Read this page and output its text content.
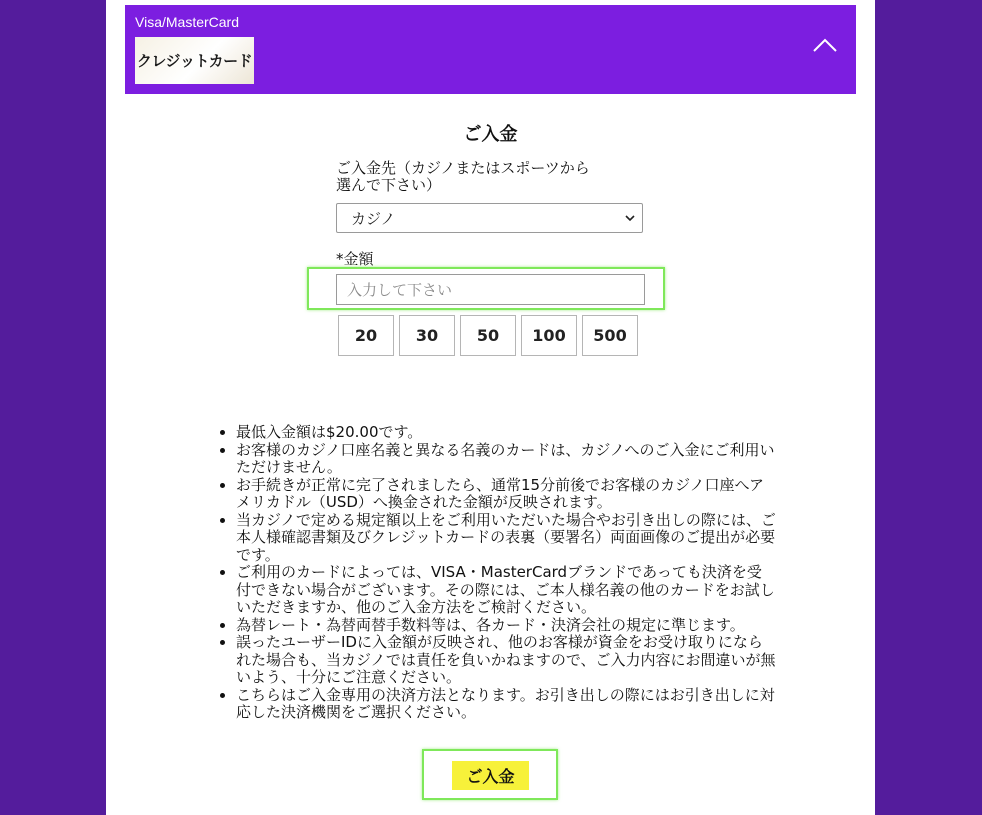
Visa/MasterCard
クレジットカード
ご入金
ご入金先（カジノまたはスポーツから選んで下さい）
カジノ
*金額
入力して下さい
20	30	50	100	500
• 最低入金額は$20.00です。
• お客様のカジノ口座名義と異なる名義のカードは、カジノへのご入金にご利用いただけません。
• お手続きが正常に完了されましたら、通常15分前後でお客様のカジノ口座へアメリカドル（USD）へ換金された金額が反映されます。
• 当カジノで定める規定額以上をご利用いただいた場合やお引き出しの際には、ご本人様確認書類及びクレジットカードの表裏（要署名）両面画像のご提出が必要です。
• ご利用のカードによっては、VISA・MasterCardブランドであっても決済を受付できない場合がございます。その際には、ご本人様名義の他のカードをお試しいただきますか、他のご入金方法をご検討ください。
• 為替レート・為替両替手数料等は、各カード・決済会社の規定に準じます。
• 誤ったユーザーIDに入金額が反映され、他のお客様が資金をお受け取りになられた場合も、当カジノでは責任を負いかねますので、ご入力内容にお間違いが無いよう、十分にご注意ください。
• こちらはご入金専用の決済方法となります。お引き出しの際にはお引き出しに対応した決済機関をご選択ください。
ご入金
